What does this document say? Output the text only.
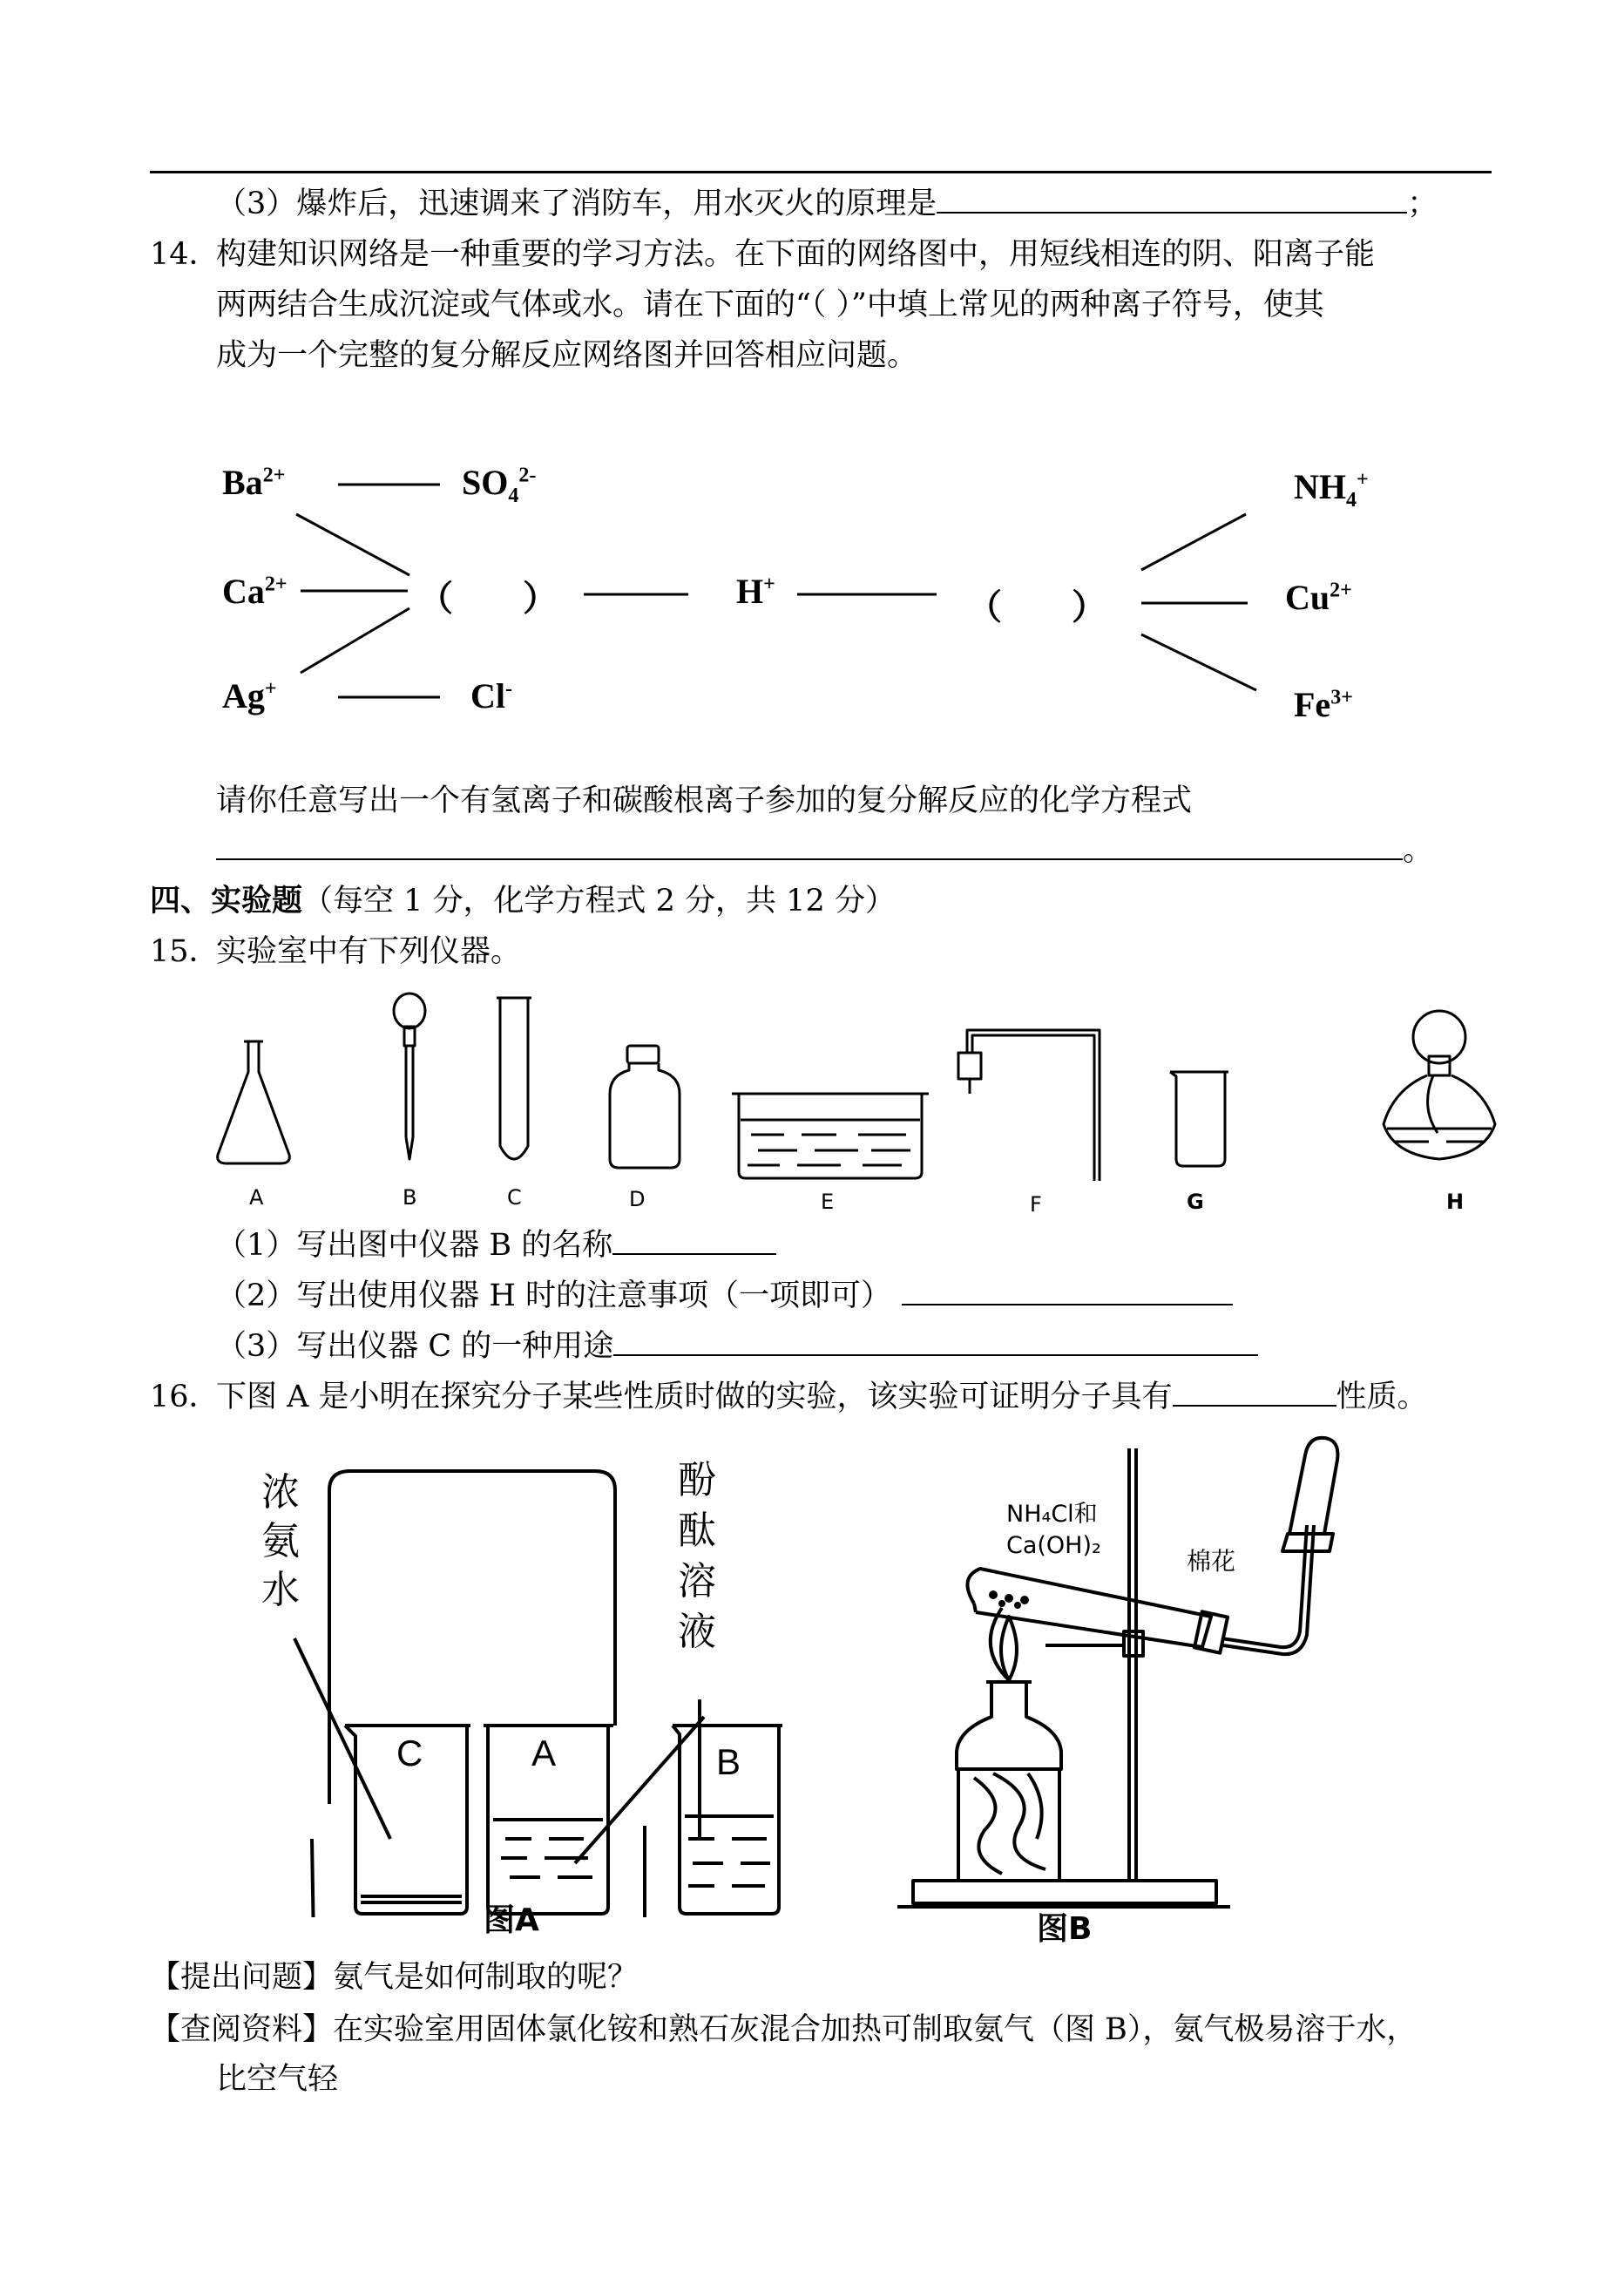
（3）爆炸后，迅速调来了消防车，用水灭火的原理是	；
14．
构建知识网络是一种重要的学习方法。在下面的网络图中，用短线相连的阴、阳离子能
两两结合生成沉淀或气体或水。请在下面的“（ ）”中填上常见的两种离子符号，使其
成为一个完整的复分解反应网络图并回答相应问题。
$Ba^{2+}$	$SO_4^{2-}$
$Ca^{2+}$
Ag+	Cl-
（ ）	H+
（ ）
$NH_4^+$
$Cu^{2+}$
$Fe^{3+}$
请你任意写出一个有氢离子和碳酸根离子参加的复分解反应的化学方程式
。
四、实验题（每空 1 分，化学方程式 2 分，共 12 分）
15．
实验室中有下列仪器。
A	B	C	D	E	F	G	H
（1）写出图中仪器 B 的名称
（2）写出使用仪器 H 时的注意事项（一项即可）
（3）写出仪器 C 的一种用途
16．
下图 A 是小明在探究分子某些性质时做的实验，该实验可证明分子具有	性质。
浓
氨
水
酚
酞
溶
液
C	A	B
图A
NH₄Cl和
Ca(OH)₂
棉花
图B
【提出问题】氨气是如何制取的呢？
【查阅资料】在实验室用固体氯化铵和熟石灰混合加热可制取氨气（图 B），氨气极易溶于水，
比空气轻
